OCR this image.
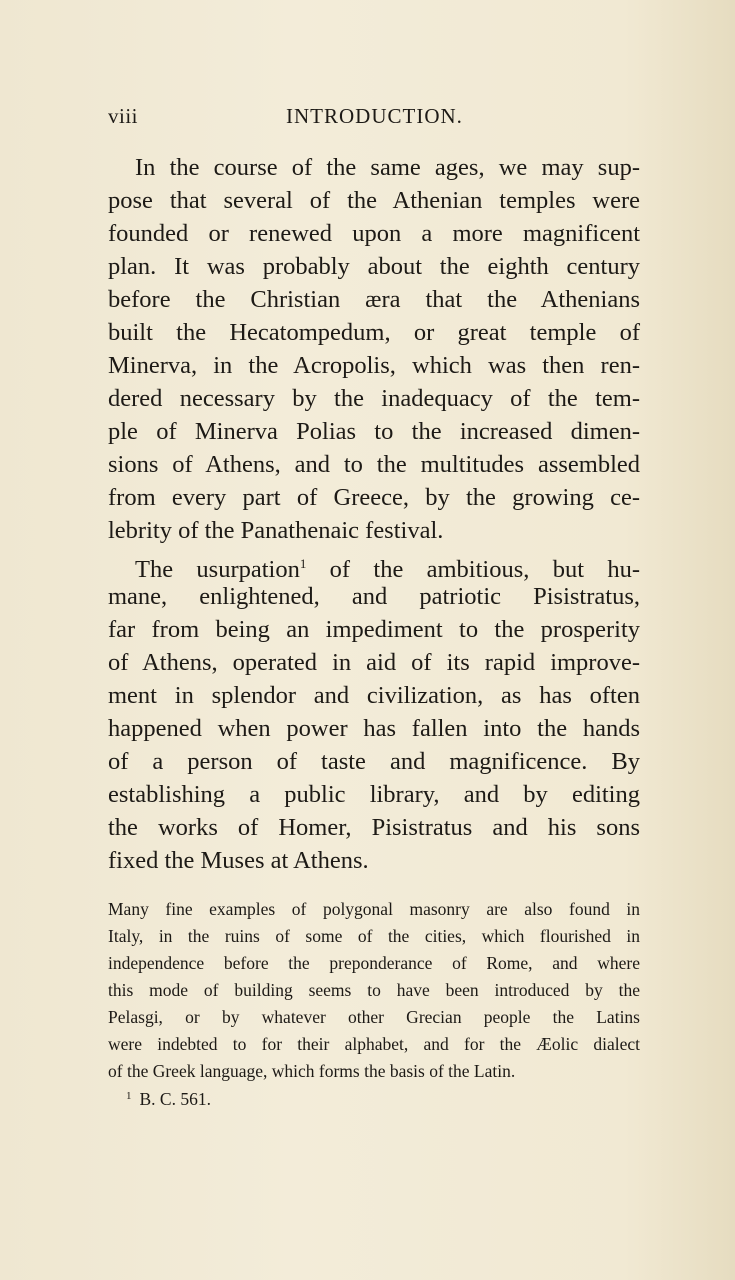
viii	INTRODUCTION.
In the course of the same ages, we may sup-
pose that several of the Athenian temples were
founded or renewed upon a more magnificent
plan. It was probably about the eighth century
before the Christian æra that the Athenians
built the Hecatompedum, or great temple of
Minerva, in the Acropolis, which was then ren-
dered necessary by the inadequacy of the tem-
ple of Minerva Polias to the increased dimen-
sions of Athens, and to the multitudes assembled
from every part of Greece, by the growing ce-
lebrity of the Panathenaic festival.
The usurpation$^1$ of the ambitious, but hu-
mane, enlightened, and patriotic Pisistratus,
far from being an impediment to the prosperity
of Athens, operated in aid of its rapid improve-
ment in splendor and civilization, as has often
happened when power has fallen into the hands
of a person of taste and magnificence. By
establishing a public library, and by editing
the works of Homer, Pisistratus and his sons
fixed the Muses at Athens.
Many fine examples of polygonal masonry are also found in
Italy, in the ruins of some of the cities, which flourished in
independence before the preponderance of Rome, and where
this mode of building seems to have been introduced by the
Pelasgi, or by whatever other Grecian people the Latins
were indebted to for their alphabet, and for the Æolic dialect
of the Greek language, which forms the basis of the Latin.
$^1$ B. C. 561.
